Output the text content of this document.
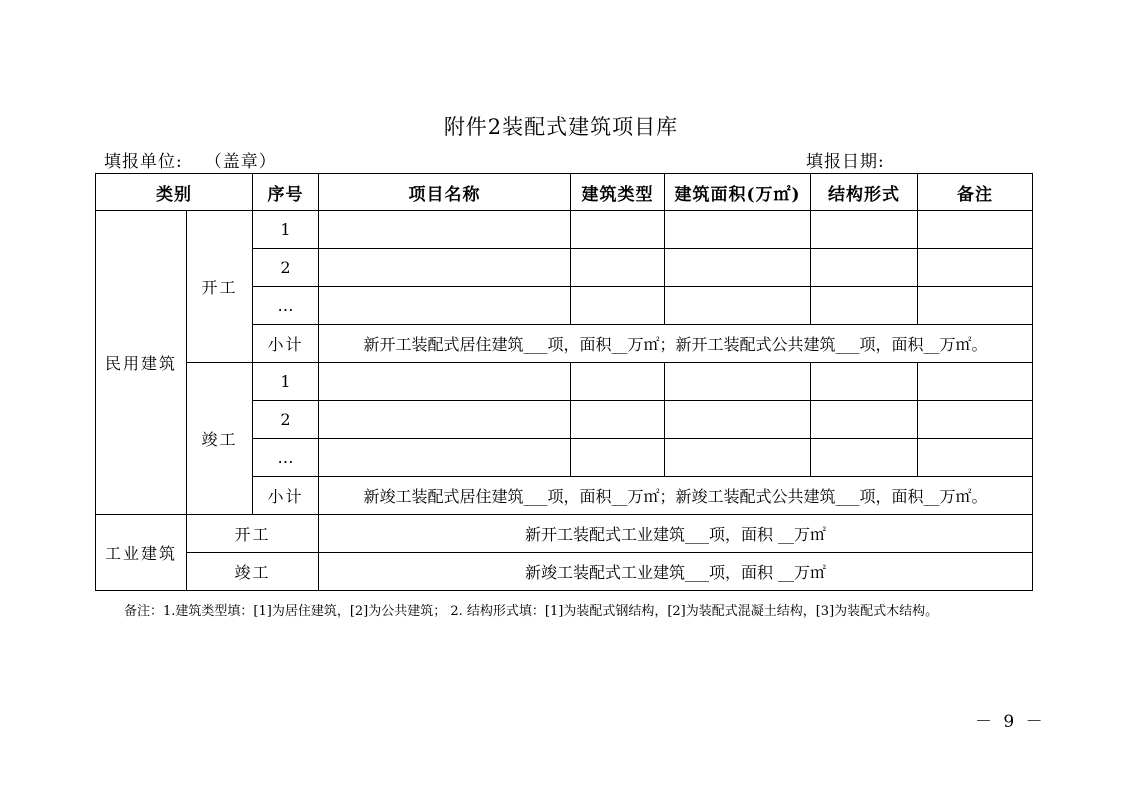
附件2装配式建筑项目库
填报单位: （盖章）	填报日期:
类别		序号	项目名称	建筑类型	建筑面积(万㎡)	结构形式	备注
民用建筑	开工	1					
		2					
		…					
		小计	新开工装配式居住建筑___项，面积__万㎡；新开工装配式公共建筑___项，面积__万㎡。				
	竣工	1					
		2					
		…					
		小计	新竣工装配式居住建筑___项，面积__万㎡；新竣工装配式公共建筑___项，面积__万㎡。				
工业建筑	开工		新开工装配式工业建筑___项，面积 __万㎡				
	竣工		新竣工装配式工业建筑___项，面积 __万㎡				
备注：1.建筑类型填：[1]为居住建筑，[2]为公共建筑； 2. 结构形式填：[1]为装配式钢结构，[2]为装配式混凝土结构，[3]为装配式木结构。
－ 9 －
